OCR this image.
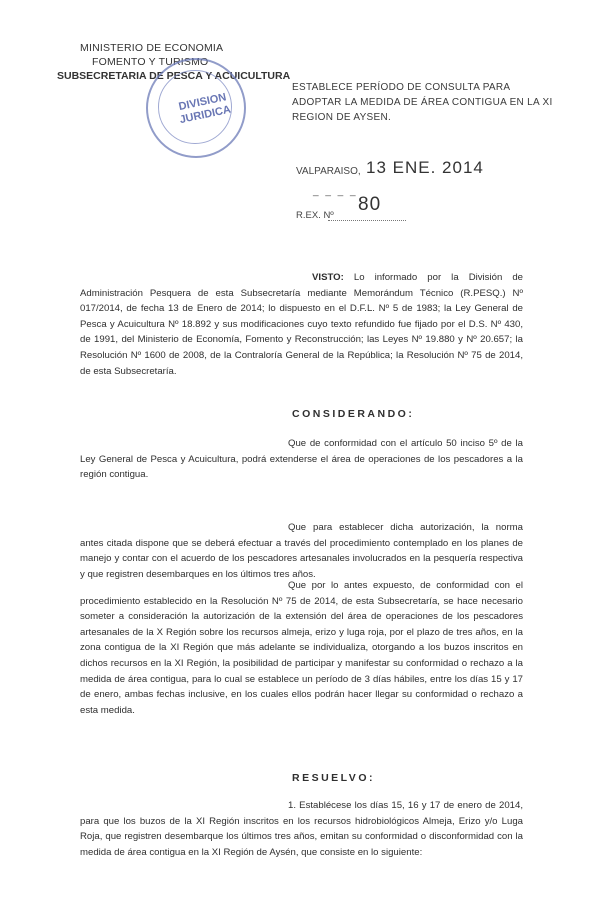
MINISTERIO DE ECONOMIA
FOMENTO Y TURISMO
SUBSECRETARIA DE PESCA Y ACUICULTURA
DIVISION
JURIDICA
ESTABLECE PERÍODO DE CONSULTA PARA ADOPTAR LA MEDIDA DE ÁREA CONTIGUA EN LA XI REGION DE AYSEN.
VALPARAISO, 13 ENE. 2014
_ _ _ _
R.EX. Nº
80
VISTO: Lo informado por la División de Administración Pesquera de esta Subsecretaría mediante Memorándum Técnico (R.PESQ.) Nº 017/2014, de fecha 13 de Enero de 2014; lo dispuesto en el D.F.L. Nº 5 de 1983; la Ley General de Pesca y Acuicultura Nº 18.892 y sus modificaciones cuyo texto refundido fue fijado por el D.S. Nº 430, de 1991, del Ministerio de Economía, Fomento y Reconstrucción; las Leyes Nº 19.880 y Nº 20.657; la Resolución Nº 1600 de 2008, de la Contraloría General de la República; la Resolución Nº 75 de 2014, de esta Subsecretaría.
CONSIDERANDO:
Que de conformidad con el artículo 50 inciso 5º de la Ley General de Pesca y Acuicultura, podrá extenderse el área de operaciones de los pescadores a la región contigua.
Que para establecer dicha autorización, la norma antes citada dispone que se deberá efectuar a través del procedimiento contemplado en los planes de manejo y contar con el acuerdo de los pescadores artesanales involucrados en la pesquería respectiva y que registren desembarques en los últimos tres años.
Que por lo antes expuesto, de conformidad con el procedimiento establecido en la Resolución Nº 75 de 2014, de esta Subsecretaría, se hace necesario someter a consideración la autorización de la extensión del área de operaciones de los pescadores artesanales de la X Región sobre los recursos almeja, erizo y luga roja, por el plazo de tres años, en la zona contigua de la XI Región que más adelante se individualiza, otorgando a los buzos inscritos en dichos recursos en la XI Región, la posibilidad de participar y manifestar su conformidad o rechazo a la medida de área contigua, para lo cual se establece un período de 3 días hábiles, entre los días 15 y 17 de enero, ambas fechas inclusive, en los cuales ellos podrán hacer llegar su conformidad o rechazo a esta medida.
RESUELVO:
1. Establécese los días 15, 16 y 17 de enero de 2014, para que los buzos de la XI Región inscritos en los recursos hidrobiológicos Almeja, Erizo y/o Luga Roja, que registren desembarque los últimos tres años, emitan su conformidad o disconformidad con la medida de área contigua en la XI Región de Aysén, que consiste en lo siguiente:
